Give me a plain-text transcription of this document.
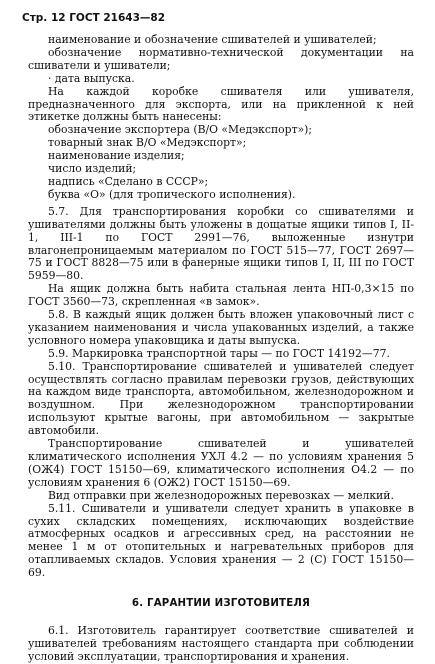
Стр. 12 ГОСТ 21643—82

наименование и обозначение сшивателей и ушивателей;

обозначение нормативно-технической документации на сшиватели и ушиватели;

· дата выпуска.

На каждой коробке сшивателя или ушивателя, предназначенного для экспорта, или на прикленной к ней этикетке должны быть нанесены:

обозначение экспортера (В/О «Медэкспорт»);

товарный знак В/О «Медэкспорт»;

наименование изделия;

число изделий;

надпись «Сделано в СССР»;

буква «О» (для тропического исполнения).

5.7. Для транспортирования коробки со сшивателями и ушивателями должны быть уложены в дощатые ящики типов I, II-1, III-1 по ГОСТ 2991—76, выложенные изнутри влагонепроницаемым материалом по ГОСТ 515—77, ГОСТ 2697—75 и ГОСТ 8828—75 или в фанерные ящики типов I, II, III по ГОСТ 5959—80.

На ящик должна быть набита стальная лента НП-0,3×15 по ГОСТ 3560—73, скрепленная «в замок».

5.8. В каждый ящик должен быть вложен упаковочный лист с указанием наименования и числа упакованных изделий, а также условного номера упаковщика и даты выпуска.

5.9. Маркировка транспортной тары — по ГОСТ 14192—77.

5.10. Транспортирование сшивателей и ушивателей следует осуществлять согласно правилам перевозки грузов, действующих на каждом виде транспорта, автомобильном, железнодорожном и воздушном. При железнодорожном транспортировании используют крытые вагоны, при автомобильном — закрытые автомобили.

Транспортирование сшивателей и ушивателей климатического исполнения УХЛ 4.2 — по условиям хранения 5 (ОЖ4) ГОСТ 15150—69, климатического исполнения О4.2 — по условиям хранения 6 (ОЖ2) ГОСТ 15150—69.

Вид отправки при железнодорожных перевозках — мелкий.

5.11. Сшиватели и ушиватели следует хранить в упаковке в сухих складских помещениях, исключающих воздействие атмосферных осадков и агрессивных сред, на расстоянии не менее 1 м от отопительных и нагревательных приборов для отапливаемых складов. Условия хранения — 2 (С) ГОСТ 15150—69.

6. ГАРАНТИИ ИЗГОТОВИТЕЛЯ

6.1. Изготовитель гарантирует соответствие сшивателей и ушивателей требованиям настоящего стандарта при соблюдении условий эксплуатации, транспортирования и хранения.
